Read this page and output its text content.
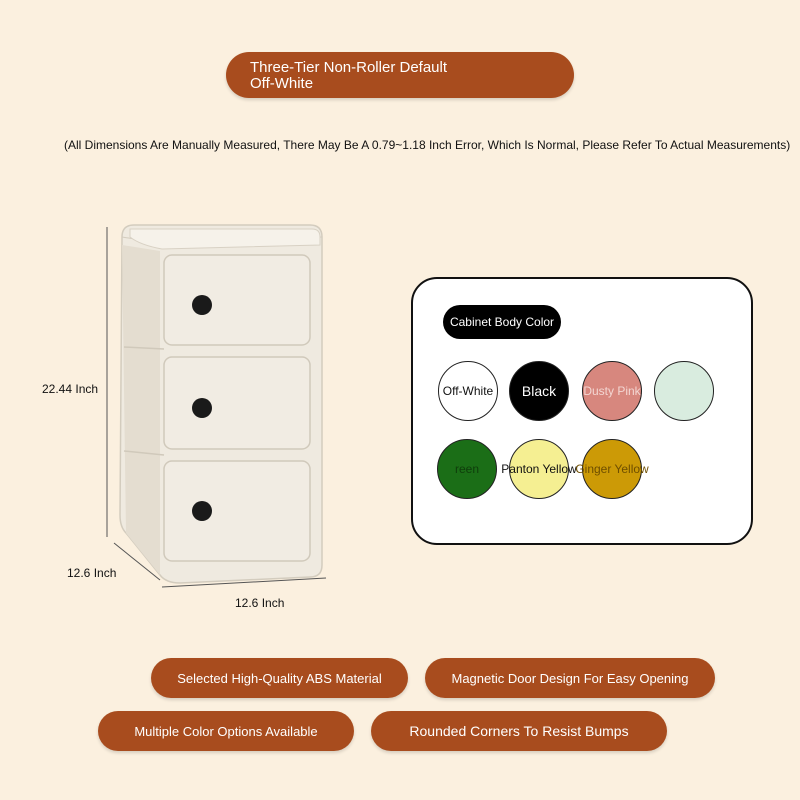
Three-Tier Non-Roller Default
Off-White
(All Dimensions Are Manually Measured, There May Be A 0.79~1.18 Inch Error, Which Is Normal, Please Refer To Actual Measurements)
22.44 Inch
12.6 Inch
12.6 Inch
Cabinet Body Color
Off-White Black Dusty Pink
reen Panton Yellow
Ginger Yellow
Selected High-Quality ABS Material	Magnetic Door Design For Easy Opening
Multiple Color Options Available	Rounded Corners To Resist Bumps
